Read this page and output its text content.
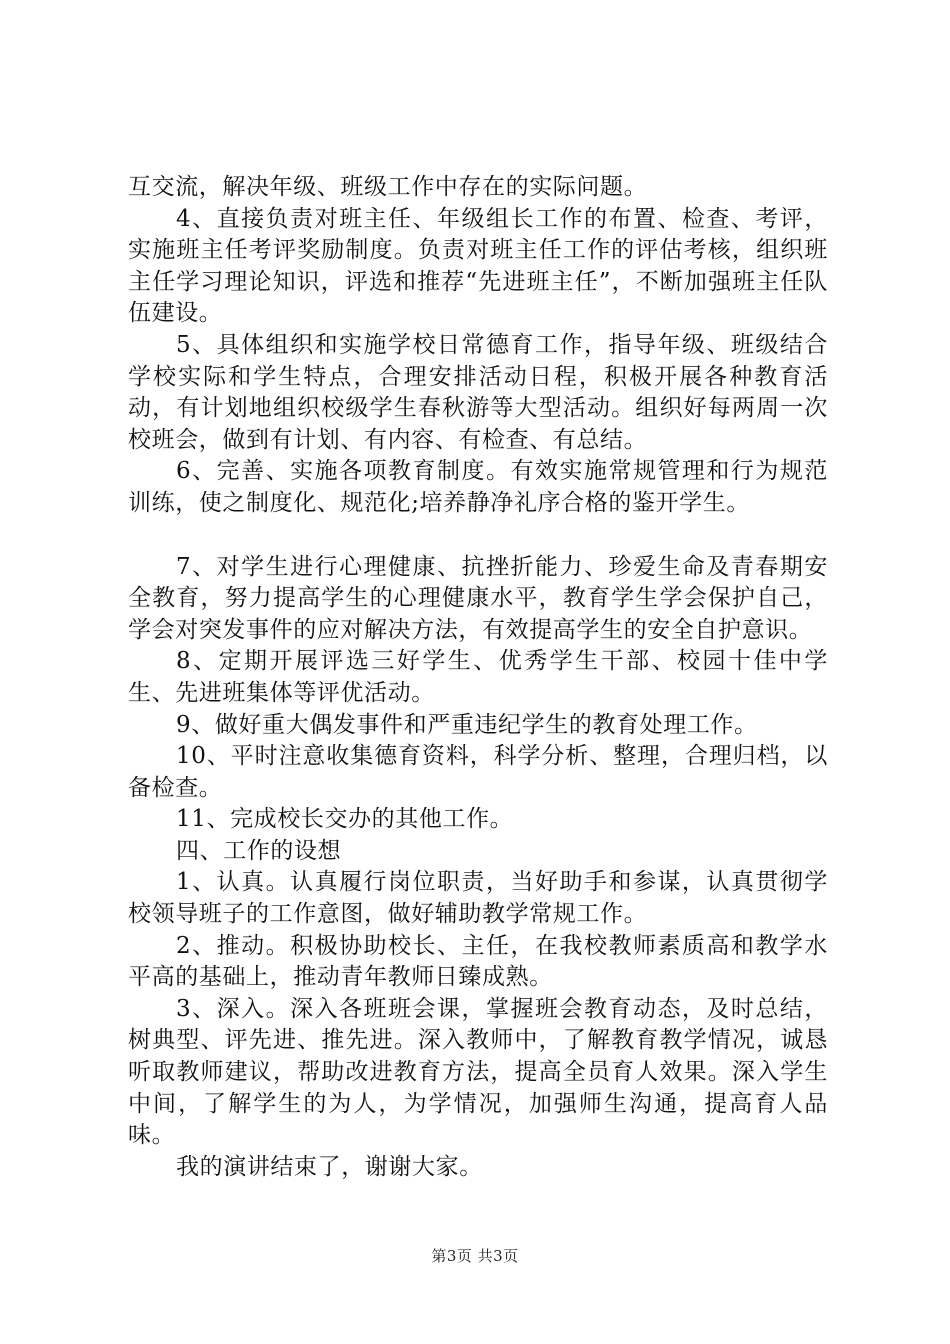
互交流，解决年级、班级工作中存在的实际问题。

4、直接负责对班主任、年级组长工作的布置、检查、考评，实施班主任考评奖励制度。负责对班主任工作的评估考核，组织班主任学习理论知识，评选和推荐“先进班主任”，不断加强班主任队伍建设。

5、具体组织和实施学校日常德育工作，指导年级、班级结合学校实际和学生特点，合理安排活动日程，积极开展各种教育活动，有计划地组织校级学生春秋游等大型活动。组织好每两周一次校班会，做到有计划、有内容、有检查、有总结。

6、完善、实施各项教育制度。有效实施常规管理和行为规范训练，使之制度化、规范化;培养静净礼序合格的鉴开学生。

7、对学生进行心理健康、抗挫折能力、珍爱生命及青春期安全教育，努力提高学生的心理健康水平，教育学生学会保护自己，学会对突发事件的应对解决方法，有效提高学生的安全自护意识。

8、定期开展评选三好学生、优秀学生干部、校园十佳中学生、先进班集体等评优活动。

9、做好重大偶发事件和严重违纪学生的教育处理工作。

10、平时注意收集德育资料，科学分析、整理，合理归档，以备检查。

11、完成校长交办的其他工作。

四、工作的设想

1、认真。认真履行岗位职责，当好助手和参谋，认真贯彻学校领导班子的工作意图，做好辅助教学常规工作。

2、推动。积极协助校长、主任，在我校教师素质高和教学水平高的基础上，推动青年教师日臻成熟。

3、深入。深入各班班会课，掌握班会教育动态，及时总结，树典型、评先进、推先进。深入教师中，了解教育教学情况，诚恳听取教师建议，帮助改进教育方法，提高全员育人效果。深入学生中间，了解学生的为人，为学情况，加强师生沟通，提高育人品味。

我的演讲结束了，谢谢大家。

第3页 共3页
